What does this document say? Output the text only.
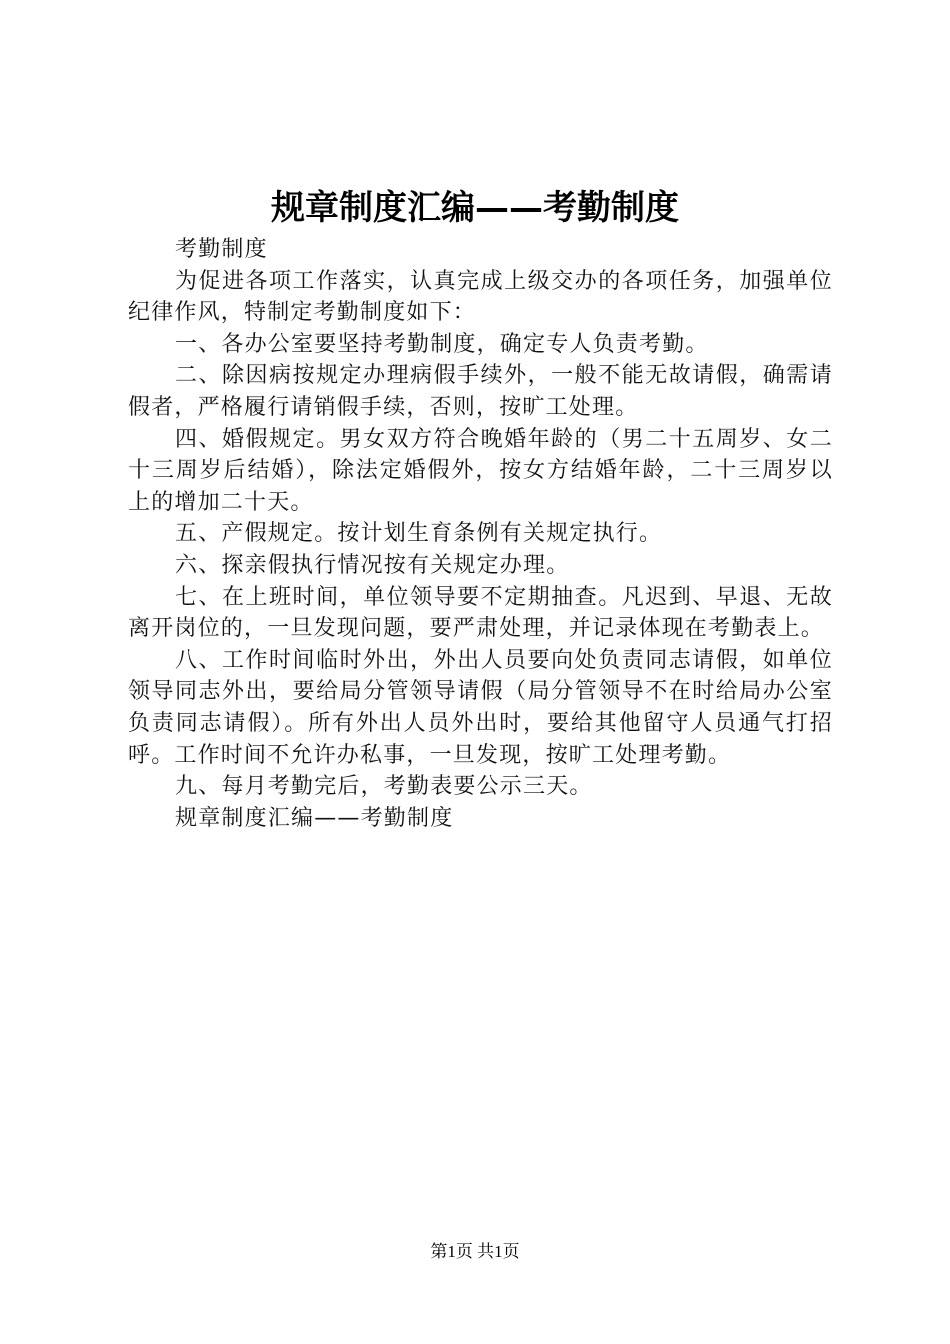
规章制度汇编——考勤制度

考勤制度

为促进各项工作落实，认真完成上级交办的各项任务，加强单位纪律作风，特制定考勤制度如下：

一、各办公室要坚持考勤制度，确定专人负责考勤。

二、除因病按规定办理病假手续外，一般不能无故请假，确需请假者，严格履行请销假手续，否则，按旷工处理。

四、婚假规定。男女双方符合晚婚年龄的（男二十五周岁、女二十三周岁后结婚），除法定婚假外，按女方结婚年龄，二十三周岁以上的增加二十天。

五、产假规定。按计划生育条例有关规定执行。

六、探亲假执行情况按有关规定办理。

七、在上班时间，单位领导要不定期抽查。凡迟到、早退、无故离开岗位的，一旦发现问题，要严肃处理，并记录体现在考勤表上。

八、工作时间临时外出，外出人员要向处负责同志请假，如单位领导同志外出，要给局分管领导请假（局分管领导不在时给局办公室负责同志请假）。所有外出人员外出时，要给其他留守人员通气打招呼。工作时间不允许办私事，一旦发现，按旷工处理考勤。

九、每月考勤完后，考勤表要公示三天。

规章制度汇编——考勤制度

第1页 共1页
